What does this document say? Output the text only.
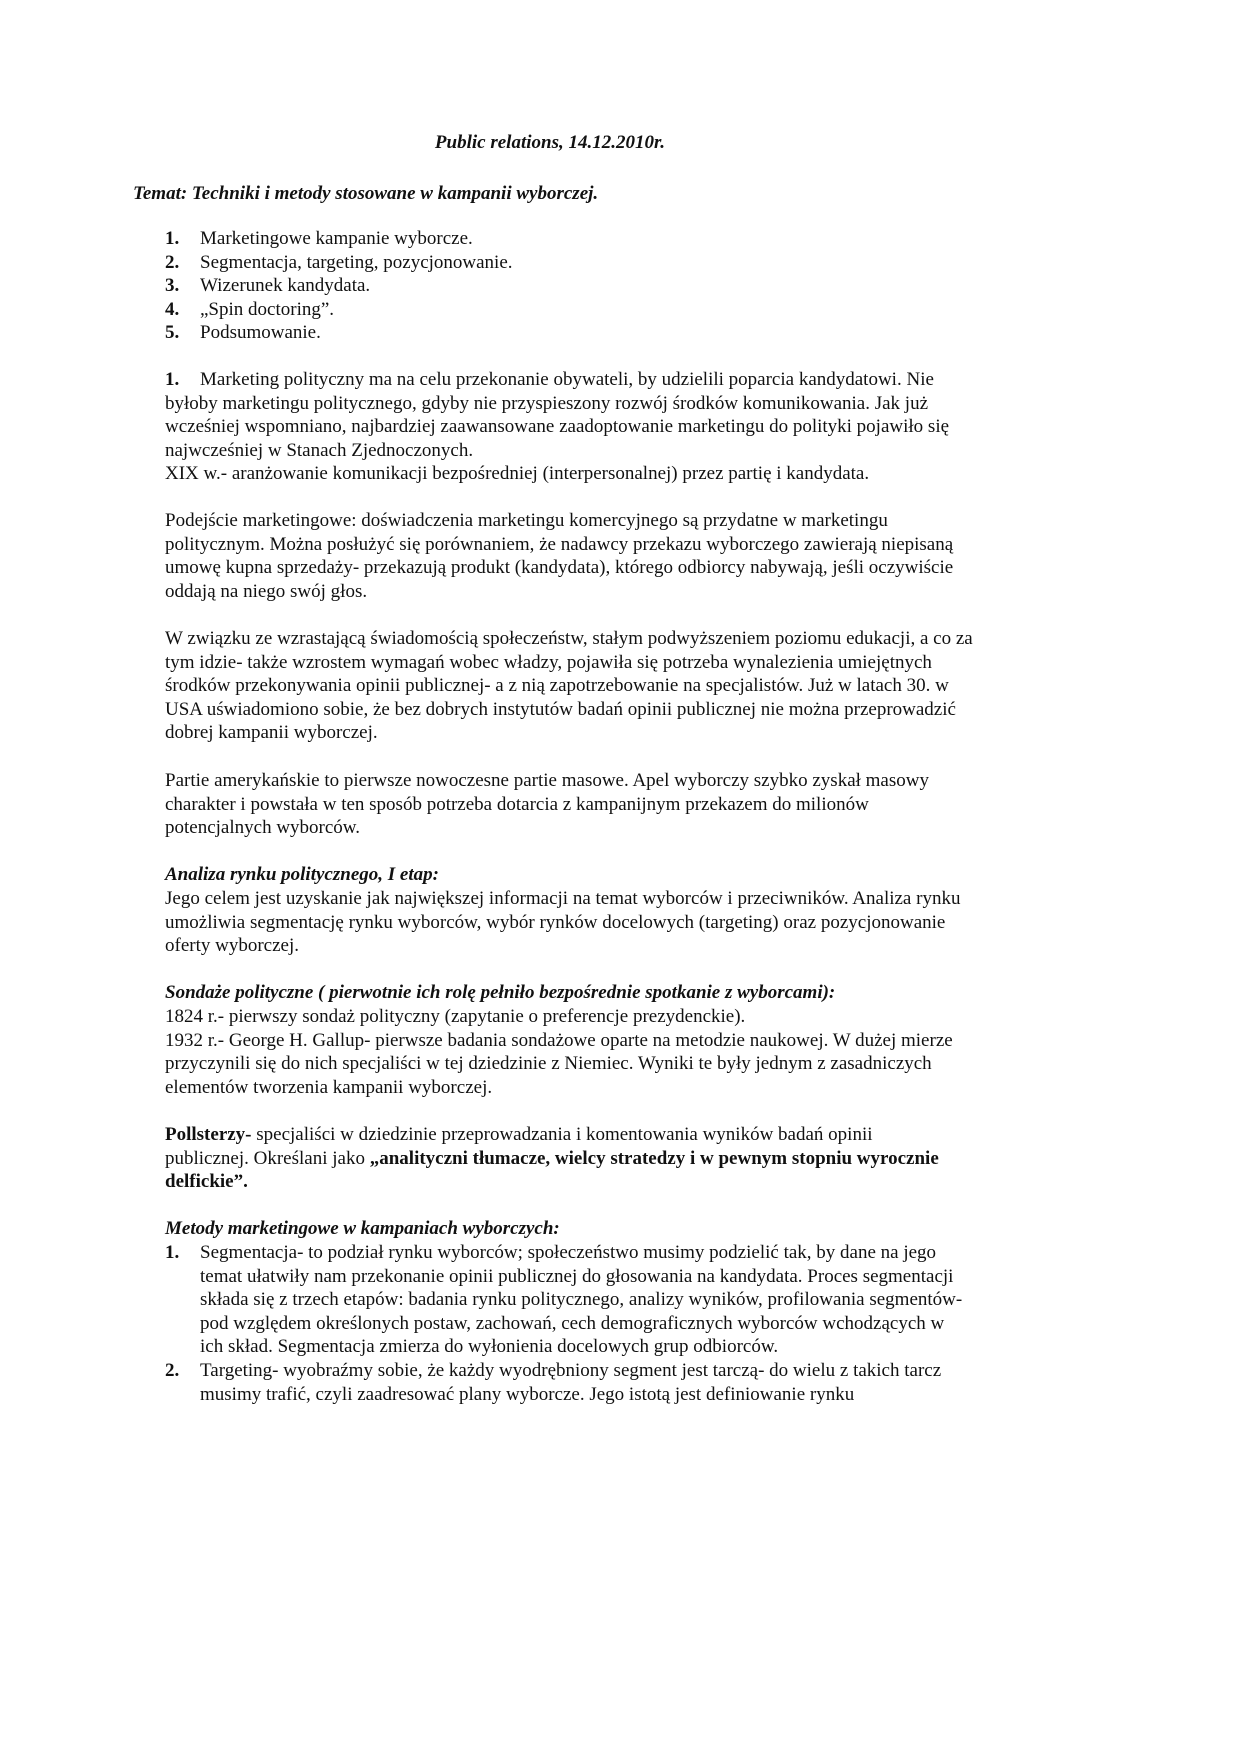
Public relations, 14.12.2010r.
Temat: Techniki i metody stosowane w kampanii wyborczej.
1.	Marketingowe kampanie wyborcze.
2.	Segmentacja, targeting, pozycjonowanie.
3.	Wizerunek kandydata.
4.	„Spin doctoring”.
5.	Podsumowanie.

1. Marketing polityczny ma na celu przekonanie obywateli, by udzielili poparcia kandydatowi. Nie byłoby marketingu politycznego, gdyby nie przyspieszony rozwój środków komunikowania. Jak już wcześniej wspomniano, najbardziej zaawansowane zaadoptowanie marketingu do polityki pojawiło się najwcześniej w Stanach Zjednoczonych.

XIX w.- aranżowanie komunikacji bezpośredniej (interpersonalnej) przez partię i kandydata.

Podejście marketingowe: doświadczenia marketingu komercyjnego są przydatne w marketingu politycznym. Można posłużyć się porównaniem, że nadawcy przekazu wyborczego zawierają niepisaną umowę kupna sprzedaży- przekazują produkt (kandydata), którego odbiorcy nabywają, jeśli oczywiście oddają na niego swój głos.
W związku ze wzrastającą świadomością społeczeństw, stałym podwyższeniem poziomu edukacji, a co za tym idzie- także wzrostem wymagań wobec władzy, pojawiła się potrzeba wynalezienia umiejętnych środków przekonywania opinii publicznej- a z nią zapotrzebowanie na specjalistów. Już w latach 30. w USA uświadomiono sobie, że bez dobrych instytutów badań opinii publicznej nie można przeprowadzić dobrej kampanii wyborczej.
Partie amerykańskie to pierwsze nowoczesne partie masowe. Apel wyborczy szybko zyskał masowy charakter i powstała w ten sposób potrzeba dotarcia z kampanijnym przekazem do milionów potencjalnych wyborców.
Analiza rynku politycznego, I etap:
Jego celem jest uzyskanie jak największej informacji na temat wyborców i przeciwników. Analiza rynku umożliwia segmentację rynku wyborców, wybór rynków docelowych (targeting) oraz pozycjonowanie oferty wyborczej.
Sondaże polityczne ( pierwotnie ich rolę pełniło bezpośrednie spotkanie z wyborcami):

1824 r.- pierwszy sondaż polityczny (zapytanie o preferencje prezydenckie).

1932 r.- George H. Gallup- pierwsze badania sondażowe oparte na metodzie naukowej. W dużej mierze przyczynili się do nich specjaliści w tej dziedzinie z Niemiec. Wyniki te były jednym z zasadniczych elementów tworzenia kampanii wyborczej.

Pollsterzy- specjaliści w dziedzinie przeprowadzania i komentowania wyników badań opinii publicznej. Określani jako „analityczni tłumacze, wielcy stratedzy i w pewnym stopniu wyrocznie delfickie”.
Metody marketingowe w kampaniach wyborczych:
1.	Segmentacja- to podział rynku wyborców; społeczeństwo musimy podzielić tak, by dane na jego temat ułatwiły nam przekonanie opinii publicznej do głosowania na kandydata. Proces segmentacji składa się z trzech etapów: badania rynku politycznego, analizy wyników, profilowania segmentów- pod względem określonych postaw, zachowań, cech demograficznych wyborców wchodzących w ich skład. Segmentacja zmierza do wyłonienia docelowych grup odbiorców.
2.	Targeting- wyobraźmy sobie, że każdy wyodrębniony segment jest tarczą- do wielu z takich tarcz musimy trafić, czyli zaadresować plany wyborcze. Jego istotą jest definiowanie rynku
